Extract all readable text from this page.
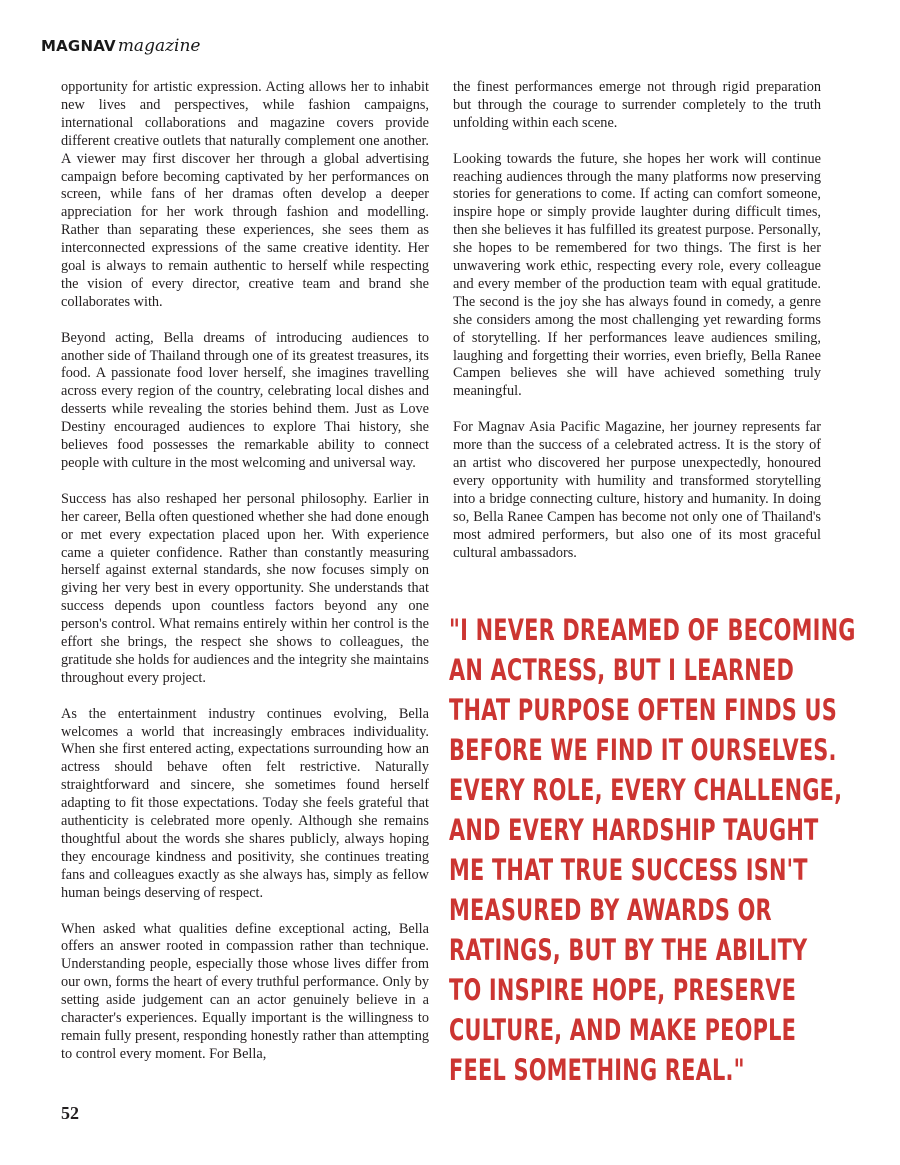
MAGNAV magazine

opportunity for artistic expression. Acting allows her to inhabit new lives and perspectives, while fashion campaigns, international collaborations and magazine covers provide different creative outlets that naturally complement one another. A viewer may first discover her through a global advertising campaign before becoming captivated by her performances on screen, while fans of her dramas often develop a deeper appreciation for her work through fashion and modelling. Rather than separating these experiences, she sees them as interconnected expressions of the same creative identity. Her goal is always to remain authentic to herself while respecting the vision of every director, creative team and brand she collaborates with.

Beyond acting, Bella dreams of introducing audiences to another side of Thailand through one of its greatest treasures, its food. A passionate food lover herself, she imagines travelling across every region of the country, celebrating local dishes and desserts while revealing the stories behind them. Just as Love Destiny encouraged audiences to explore Thai history, she believes food possesses the remarkable ability to connect people with culture in the most welcoming and universal way.

Success has also reshaped her personal philosophy. Earlier in her career, Bella often questioned whether she had done enough or met every expectation placed upon her. With experience came a quieter confidence. Rather than constantly measuring herself against external standards, she now focuses simply on giving her very best in every opportunity. She understands that success depends upon countless factors beyond any one person's control. What remains entirely within her control is the effort she brings, the respect she shows to colleagues, the gratitude she holds for audiences and the integrity she maintains throughout every project.

As the entertainment industry continues evolving, Bella welcomes a world that increasingly embraces individuality. When she first entered acting, expectations surrounding how an actress should behave often felt restrictive. Naturally straightforward and sincere, she sometimes found herself adapting to fit those expectations. Today she feels grateful that authenticity is celebrated more openly. Although she remains thoughtful about the words she shares publicly, always hoping they encourage kindness and positivity, she continues treating fans and colleagues exactly as she always has, simply as fellow human beings deserving of respect.

When asked what qualities define exceptional acting, Bella offers an answer rooted in compassion rather than technique. Understanding people, especially those whose lives differ from our own, forms the heart of every truthful performance. Only by setting aside judgement can an actor genuinely believe in a character's experiences. Equally important is the willingness to remain fully present, responding honestly rather than attempting to control every moment. For Bella,

the finest performances emerge not through rigid preparation but through the courage to surrender completely to the truth unfolding within each scene.

Looking towards the future, she hopes her work will continue reaching audiences through the many platforms now preserving stories for generations to come. If acting can comfort someone, inspire hope or simply provide laughter during difficult times, then she believes it has fulfilled its greatest purpose. Personally, she hopes to be remembered for two things. The first is her unwavering work ethic, respecting every role, every colleague and every member of the production team with equal gratitude. The second is the joy she has always found in comedy, a genre she considers among the most challenging yet rewarding forms of storytelling. If her performances leave audiences smiling, laughing and forgetting their worries, even briefly, Bella Ranee Campen believes she will have achieved something truly meaningful.

For Magnav Asia Pacific Magazine, her journey represents far more than the success of a celebrated actress. It is the story of an artist who discovered her purpose unexpectedly, honoured every opportunity with humility and transformed storytelling into a bridge connecting culture, history and humanity. In doing so, Bella Ranee Campen has become not only one of Thailand's most admired performers, but also one of its most graceful cultural ambassadors.

"I NEVER DREAMED OF BECOMING
AN ACTRESS, BUT I LEARNED
THAT PURPOSE OFTEN FINDS US
BEFORE WE FIND IT OURSELVES.
EVERY ROLE, EVERY CHALLENGE,
AND EVERY HARDSHIP TAUGHT
ME THAT TRUE SUCCESS ISN'T
MEASURED BY AWARDS OR
RATINGS, BUT BY THE ABILITY
TO INSPIRE HOPE, PRESERVE
CULTURE, AND MAKE PEOPLE
FEEL SOMETHING REAL."
52
